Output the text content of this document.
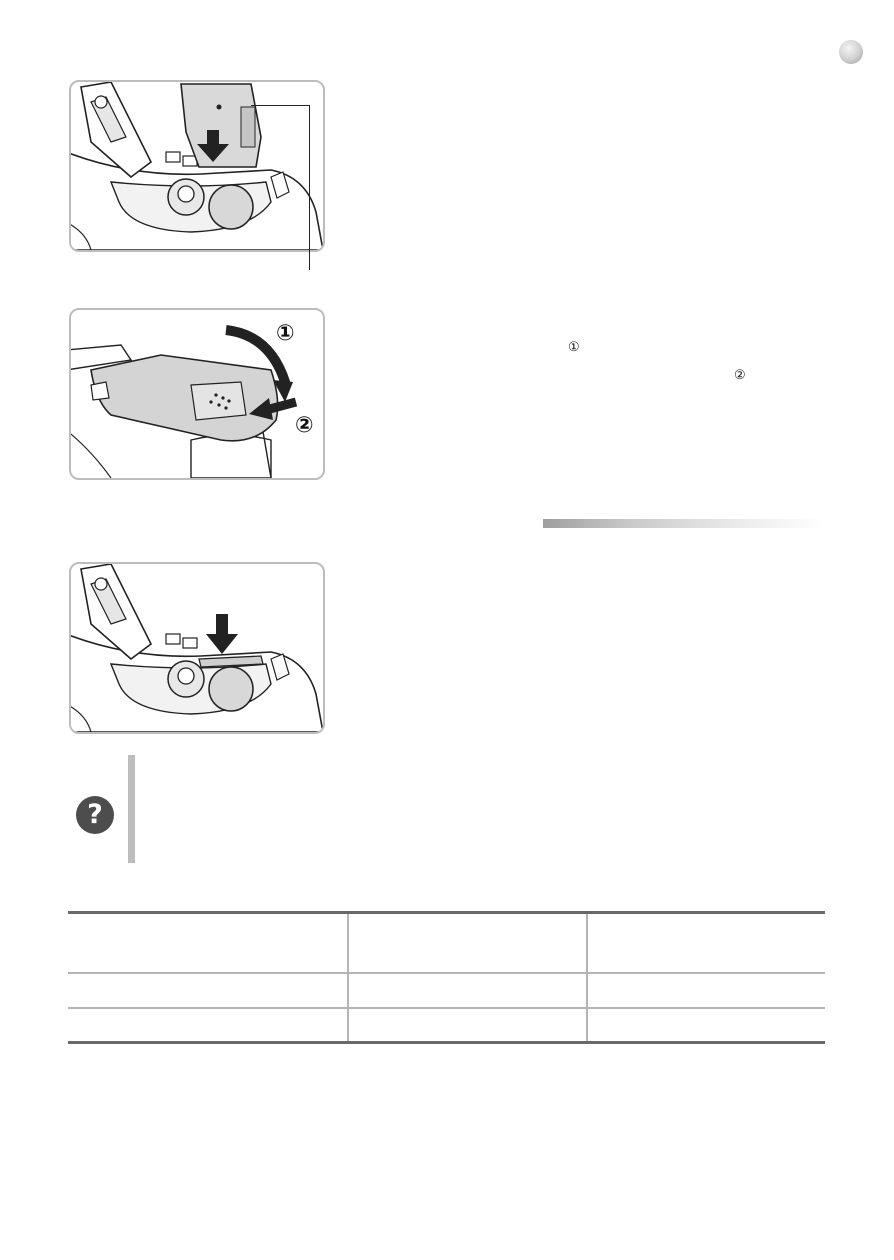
①
②
①
②
?
